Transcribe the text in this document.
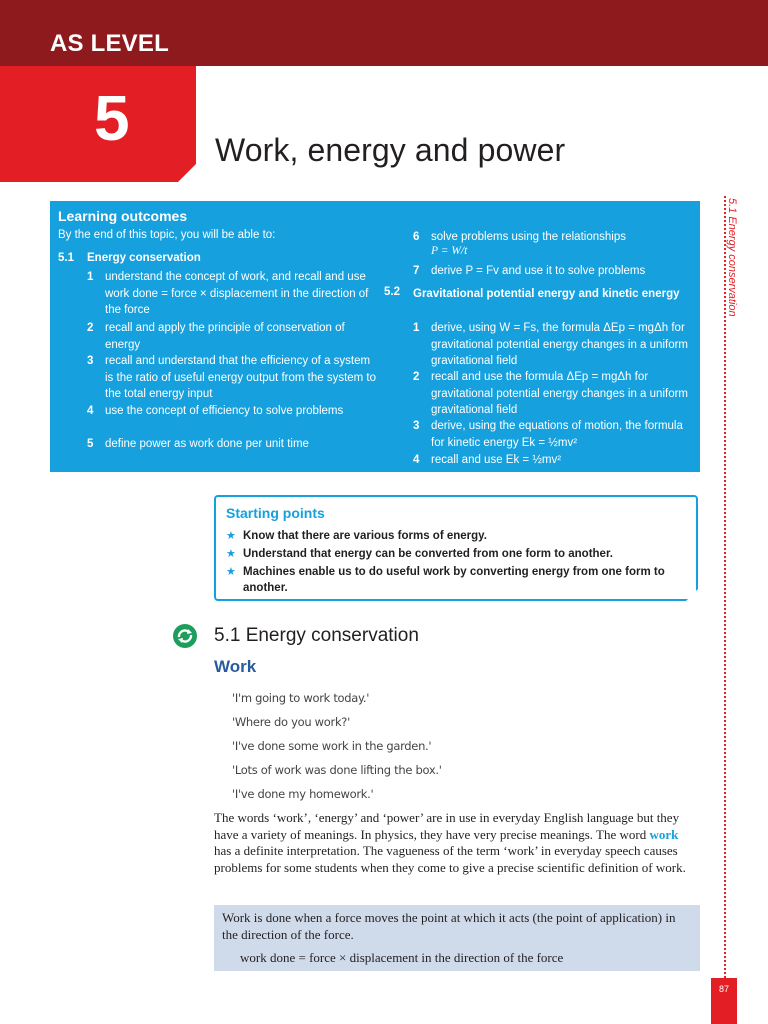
AS LEVEL
5	Work, energy and power
5.1 Energy conservation
87
Learning outcomes
By the end of this topic, you will be able to:
5.1 Energy conservation
1 understand the concept of work, and recall and use work done = force × displacement in the direction of the force
2 recall and apply the principle of conservation of energy
3 recall and understand that the efficiency of a system is the ratio of useful energy output from the system to the total energy input
4 use the concept of efficiency to solve problems
5 define power as work done per unit time
6 solve problems using the relationships
P = W/t
7 derive P = Fv and use it to solve problems
5.2 Gravitational potential energy and kinetic energy
1 derive, using W = Fs, the formula ΔEp = mgΔh for gravitational potential energy changes in a uniform gravitational field
2 recall and use the formula ΔEp = mgΔh for gravitational potential energy changes in a uniform gravitational field
3 derive, using the equations of motion, the formula for kinetic energy Ek = ½mv²
4 recall and use Ek = ½mv²
Starting points
★ Know that there are various forms of energy.
★ Understand that energy can be converted from one form to another.
★ Machines enable us to do useful work by converting energy from one form to another.
5.1 Energy conservation
Work
'I'm going to work today.'
'Where do you work?'
'I've done some work in the garden.'
'Lots of work was done lifting the box.'
'I've done my homework.'
The words ‘work’, ‘energy’ and ‘power’ are in use in everyday English language but they have a variety of meanings. In physics, they have very precise meanings. The word work has a definite interpretation. The vagueness of the term ‘work’ in everyday speech causes problems for some students when they come to give a precise scientific definition of work.
Work is done when a force moves the point at which it acts (the point of application) in the direction of the force.
work done = force × displacement in the direction of the force
